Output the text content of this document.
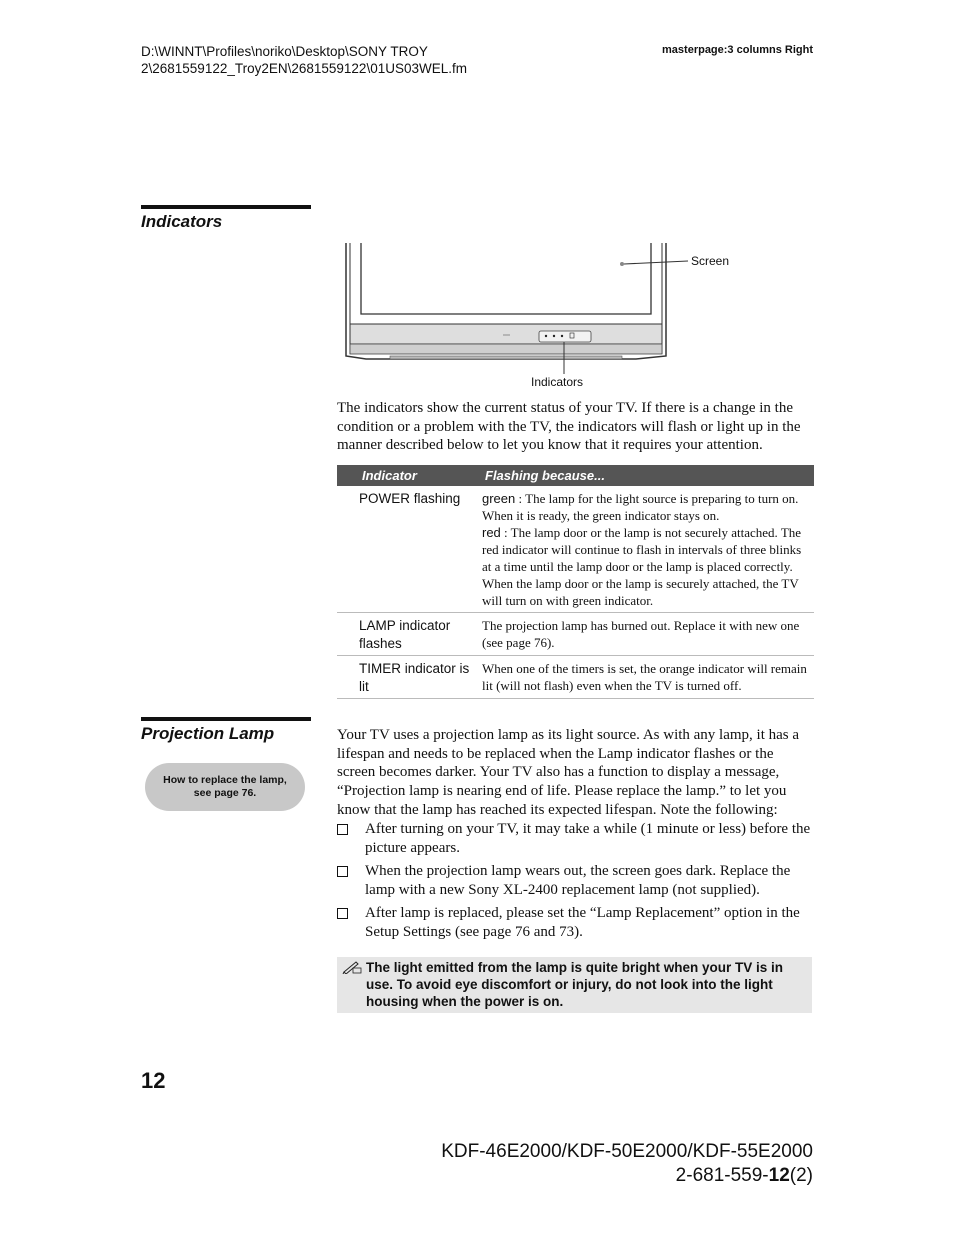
D:\WINNT\Profiles\noriko\Desktop\SONY TROY
2\2681559122_Troy2EN\2681559122\01US03WEL.fm
masterpage:3 columns Right
Indicators
Screen
Indicators
The indicators show the current status of your TV. If there is a change in the condition or a problem with the TV, the indicators will flash or light up in the manner described below to let you know that it requires your attention.
Indicator	Flashing because...
POWER flashing	green : The lamp for the light source is preparing to turn on. When it is ready, the green indicator stays on.
red : The lamp door or the lamp is not securely attached. The red indicator will continue to flash in intervals of three blinks at a time until the lamp door or the lamp is placed correctly. When the lamp door or the lamp is securely attached, the TV will turn on with green indicator.
LAMP indicator flashes	The projection lamp has burned out. Replace it with new one (see page 76).
TIMER indicator is lit	When one of the timers is set, the orange indicator will remain lit (will not flash) even when the TV is turned off.
Projection Lamp
How to replace the lamp, see page 76.
Your TV uses a projection lamp as its light source. As with any lamp, it has a lifespan and needs to be replaced when the Lamp indicator flashes or the screen becomes darker. Your TV also has a function to display a message, “Projection lamp is nearing end of life. Please replace the lamp.” to let you know that the lamp has reached its expected lifespan. Note the following:
After turning on your TV, it may take a while (1 minute or less) before the picture appears.
When the projection lamp wears out, the screen goes dark. Replace the lamp with a new Sony XL-2400 replacement lamp (not supplied).
After lamp is replaced, please set the “Lamp Replacement” option in the Setup Settings (see page 76 and 73).
The light emitted from the lamp is quite bright when your TV is in use. To avoid eye discomfort or injury, do not look into the light housing when the power is on.
12
KDF-46E2000/KDF-50E2000/KDF-55E2000
2-681-559-12(2)
